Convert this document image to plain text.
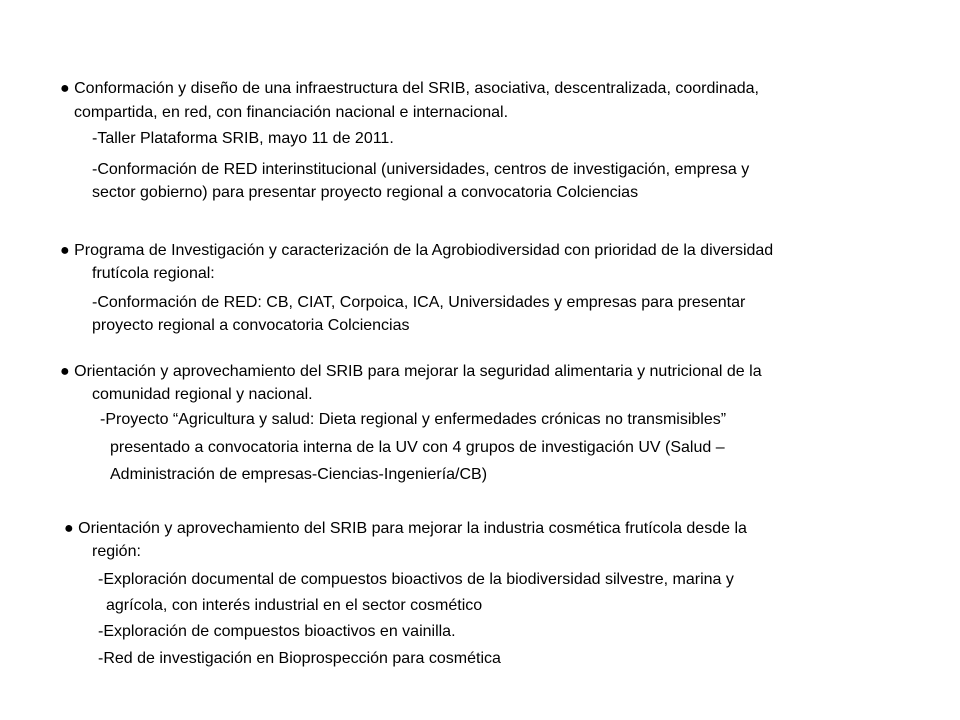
● Conformación y diseño de una infraestructura del SRIB, asociativa, descentralizada, coordinada,
compartida, en red, con financiación nacional e internacional.
-Taller Plataforma SRIB, mayo 11 de 2011.
-Conformación de RED interinstitucional (universidades, centros de investigación, empresa y
sector gobierno) para presentar proyecto regional a convocatoria Colciencias
● Programa de Investigación y caracterización de la Agrobiodiversidad con prioridad de la diversidad
frutícola regional:
-Conformación de RED: CB, CIAT, Corpoica, ICA, Universidades y empresas para presentar
proyecto regional a convocatoria Colciencias
● Orientación y aprovechamiento del SRIB para mejorar la seguridad alimentaria y nutricional de la
comunidad regional y nacional.
-Proyecto “Agricultura y salud: Dieta regional y enfermedades crónicas no transmisibles”
presentado a convocatoria interna de la UV con 4 grupos de investigación UV (Salud –
Administración de empresas-Ciencias-Ingeniería/CB)
● Orientación y aprovechamiento del SRIB para mejorar la industria cosmética frutícola desde la
región:
-Exploración documental de compuestos bioactivos de la biodiversidad silvestre, marina y
agrícola, con interés industrial en el sector cosmético
-Exploración de compuestos bioactivos en vainilla.
-Red de investigación en Bioprospección para cosmética
